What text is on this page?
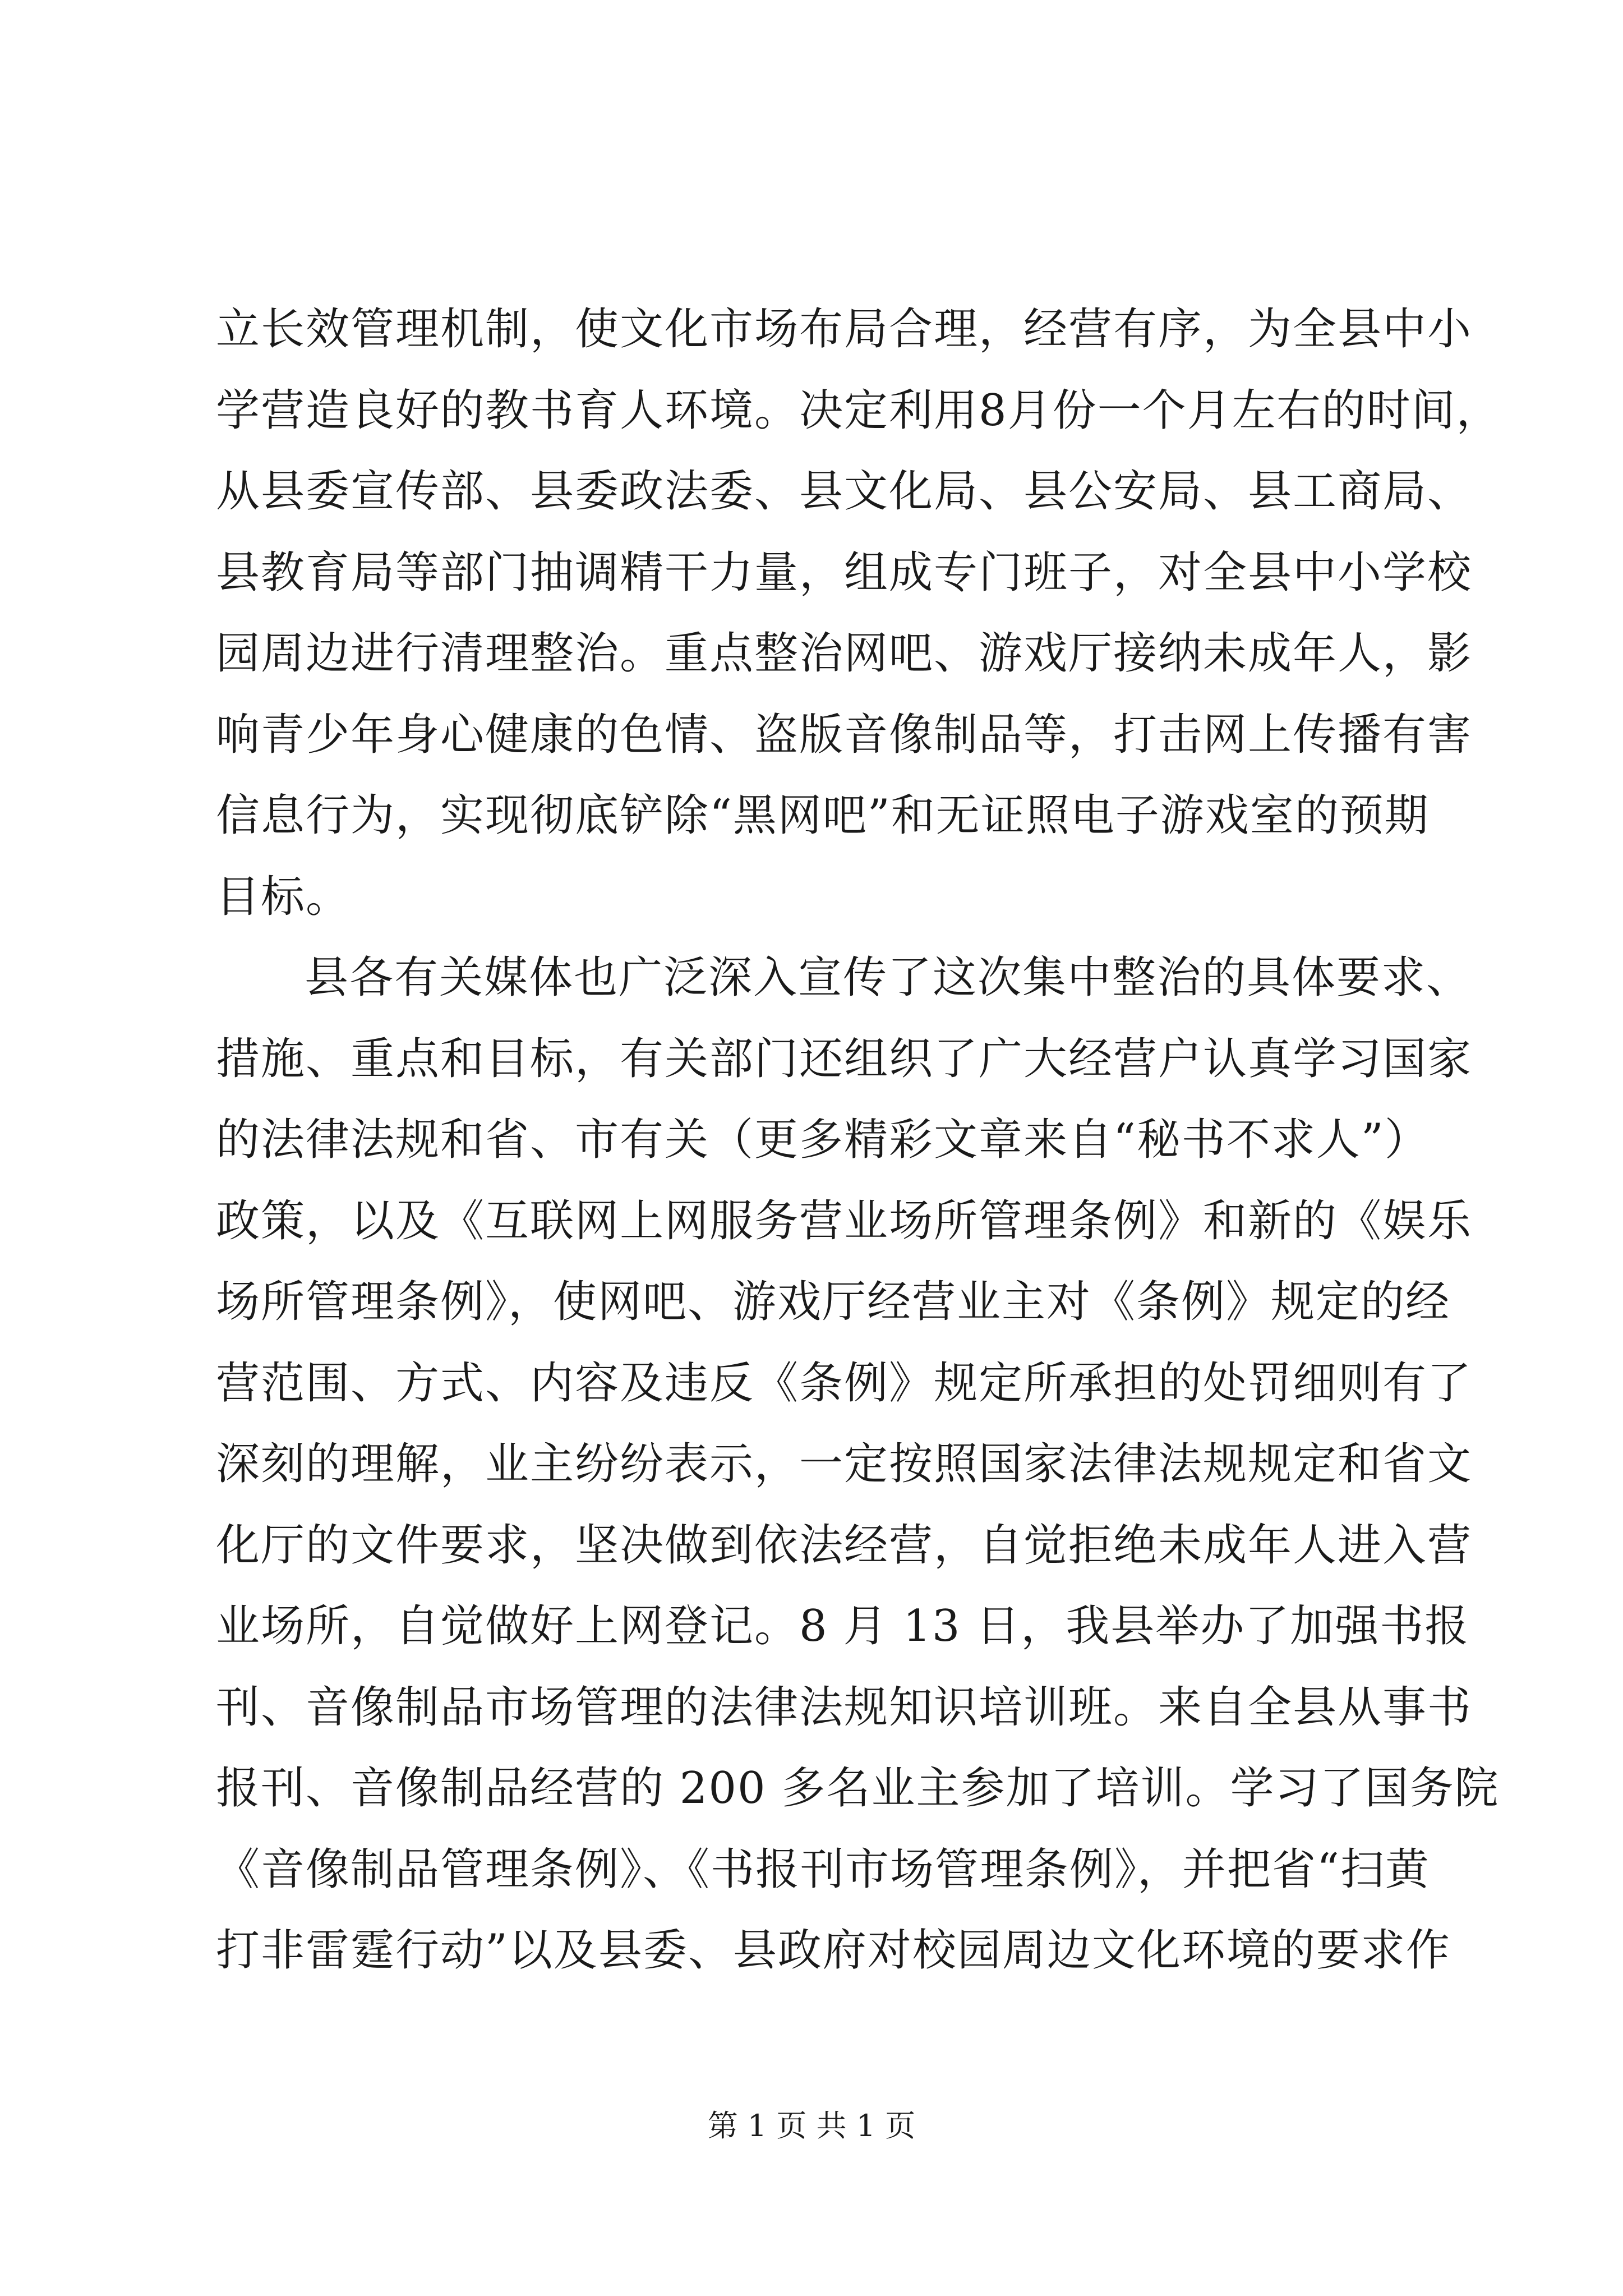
立长效管理机制，使文化市场布局合理，经营有序，为全县中小
学营造良好的教书育人环境。决定利用8月份一个月左右的时间，
从县委宣传部、县委政法委、县文化局、县公安局、县工商局、
县教育局等部门抽调精干力量，组成专门班子，对全县中小学校
园周边进行清理整治。重点整治网吧、游戏厅接纳未成年人，影
响青少年身心健康的色情、盗版音像制品等，打击网上传播有害
信息行为，实现彻底铲除“黑网吧”和无证照电子游戏室的预期
目标。
县各有关媒体也广泛深入宣传了这次集中整治的具体要求、
措施、重点和目标，有关部门还组织了广大经营户认真学习国家
的法律法规和省、市有关（更多精彩文章来自“秘书不求人”）
政策，以及《互联网上网服务营业场所管理条例》和新的《娱乐
场所管理条例》，使网吧、游戏厅经营业主对《条例》规定的经
营范围、方式、内容及违反《条例》规定所承担的处罚细则有了
深刻的理解，业主纷纷表示，一定按照国家法律法规规定和省文
化厅的文件要求，坚决做到依法经营，自觉拒绝未成年人进入营
业场所，自觉做好上网登记。8 月 13 日，我县举办了加强书报
刊、音像制品市场管理的法律法规知识培训班。来自全县从事书
报刊、音像制品经营的 200 多名业主参加了培训。学习了国务院
《音像制品管理条例》、《书报刊市场管理条例》，并把省“扫黄
打非雷霆行动”以及县委、县政府对校园周边文化环境的要求作
第 1 页 共 1 页
